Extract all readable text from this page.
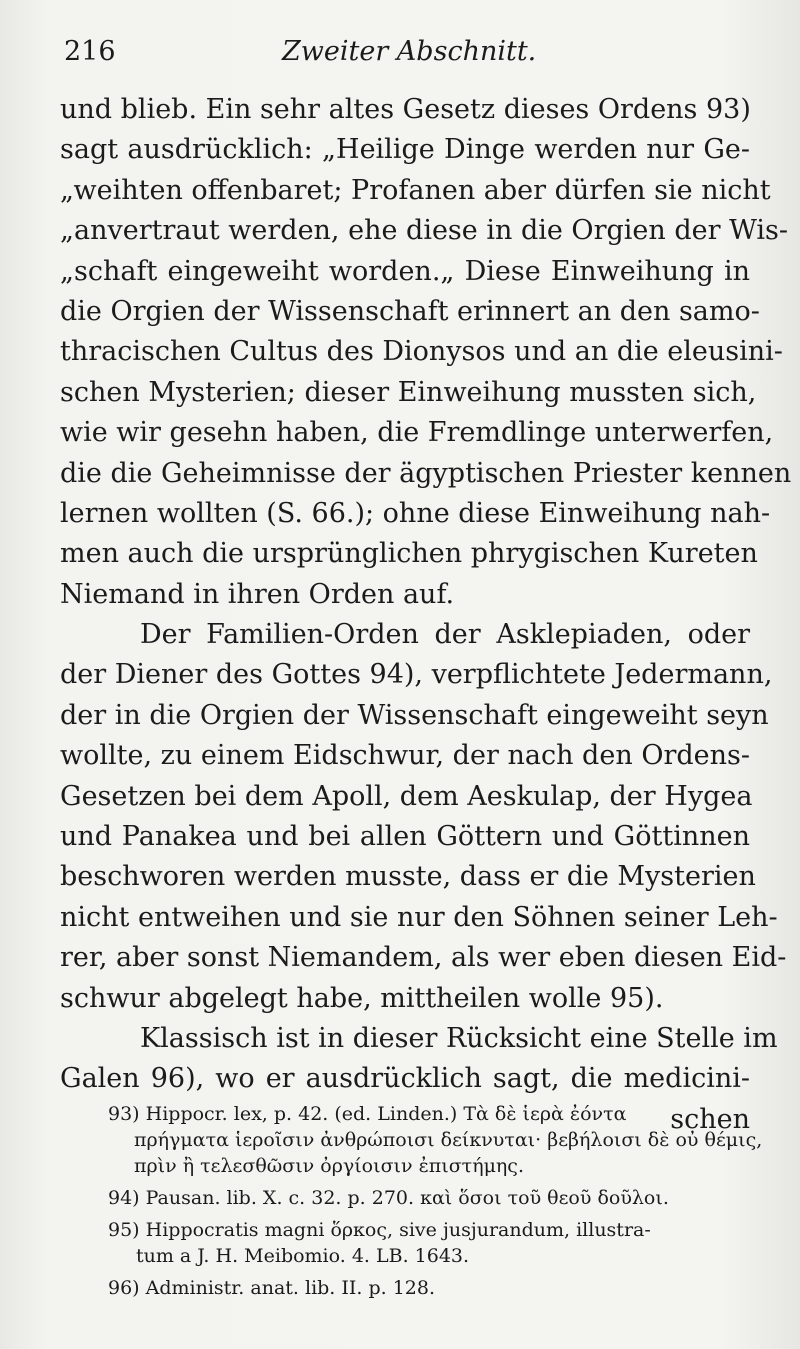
216	Zweiter Abschnitt.
und blieb. Ein sehr altes Gesetz dieses Ordens 93)
sagt ausdrücklich: „Heilige Dinge werden nur Ge-
„weihten offenbaret; Profanen aber dürfen sie nicht
„anvertraut werden, ehe diese in die Orgien der Wis-
„schaft eingeweiht worden.„ Diese Einweihung in
die Orgien der Wissenschaft erinnert an den samo-
thracischen Cultus des Dionysos und an die eleusini-
schen Mysterien; dieser Einweihung mussten sich,
wie wir gesehn haben, die Fremdlinge unterwerfen,
die die Geheimnisse der ägyptischen Priester kennen
lernen wollten (S. 66.); ohne diese Einweihung nah-
men auch die ursprünglichen phrygischen Kureten
Niemand in ihren Orden auf.
Der Familien-Orden der Asklepiaden, oder
der Diener des Gottes 94), verpflichtete Jedermann,
der in die Orgien der Wissenschaft eingeweiht seyn
wollte, zu einem Eidschwur, der nach den Ordens-
Gesetzen bei dem Apoll, dem Aeskulap, der Hygea
und Panakea und bei allen Göttern und Göttinnen
beschworen werden musste, dass er die Mysterien
nicht entweihen und sie nur den Söhnen seiner Leh-
rer, aber sonst Niemandem, als wer eben diesen Eid-
schwur abgelegt habe, mittheilen wolle 95).
Klassisch ist in dieser Rücksicht eine Stelle im
Galen 96), wo er ausdrücklich sagt, die medicini-
schen
93) Hippocr. lex, p. 42. (ed. Linden.) Τὰ δὲ ἱερὰ ἐόντα
πρήγματα ἱεροῖσιν ἀνθρώποισι δείκνυται· βεβήλοισι δὲ οὐ θέμις,
πρὶν ἢ τελεσθῶσιν ὀργίοισιν ἐπιστήμης.
94) Pausan. lib. X. c. 32. p. 270. καὶ ὅσοι τοῦ θεοῦ δοῦλοι.
95) Hippocratis magni ὅρκος, sive jusjurandum, illustra-
tum a J. H. Meibomio. 4. LB. 1643.
96) Administr. anat. lib. II. p. 128.
